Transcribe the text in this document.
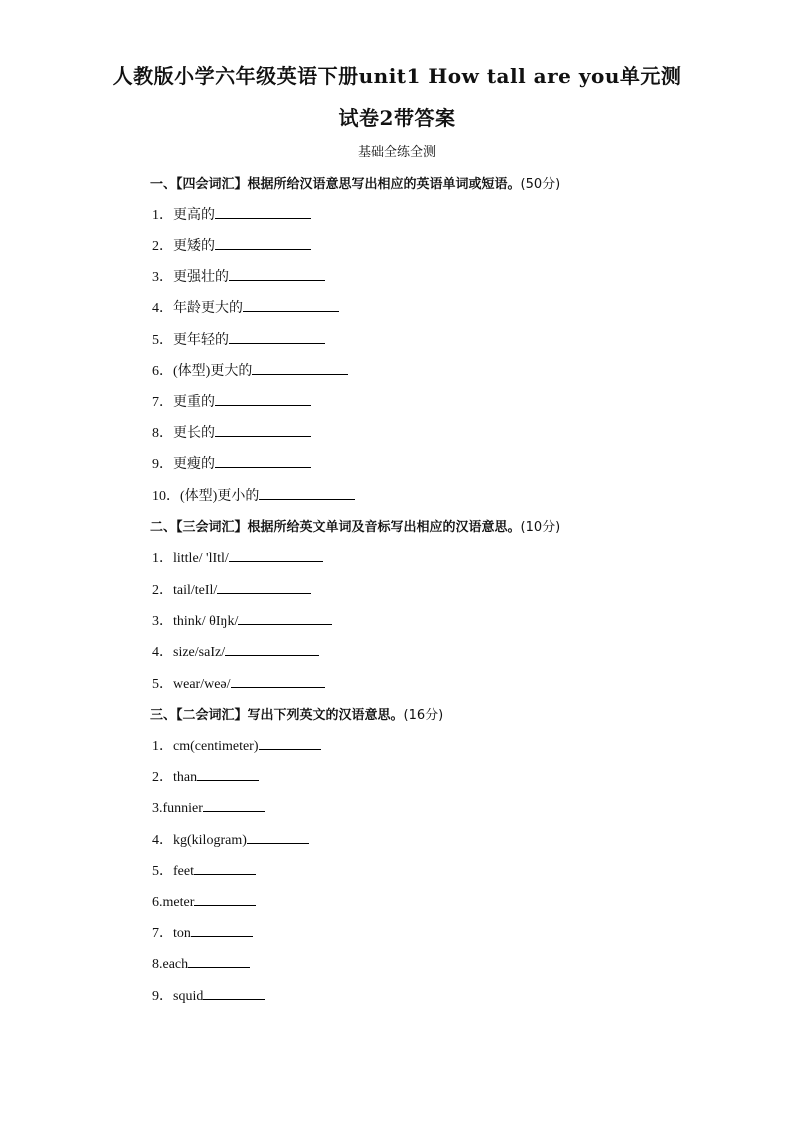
人教版小学六年级英语下册unit1 How tall are you单元测
试卷2带答案
基础全练全测
一、【四会词汇】根据所给汉语意思写出相应的英语单词或短语。(50分)
1．更高的
2．更矮的
3．更强壮的
4．年龄更大的
5．更年轻的
6．(体型)更大的
7．更重的
8．更长的
9．更瘦的
10．(体型)更小的
二、【三会词汇】根据所给英文单词及音标写出相应的汉语意思。(10分)
1．little/ 'lItl/
2．tail/teIl/
3．think/ θIŋk/
4．size/saIz/
5．wear/weə/
三、【二会词汇】写出下列英文的汉语意思。(16分)
1．cm(centimeter)
2．than
3.funnier
4．kg(kilogram)
5．feet
6.meter
7．ton
8.each
9．squid
